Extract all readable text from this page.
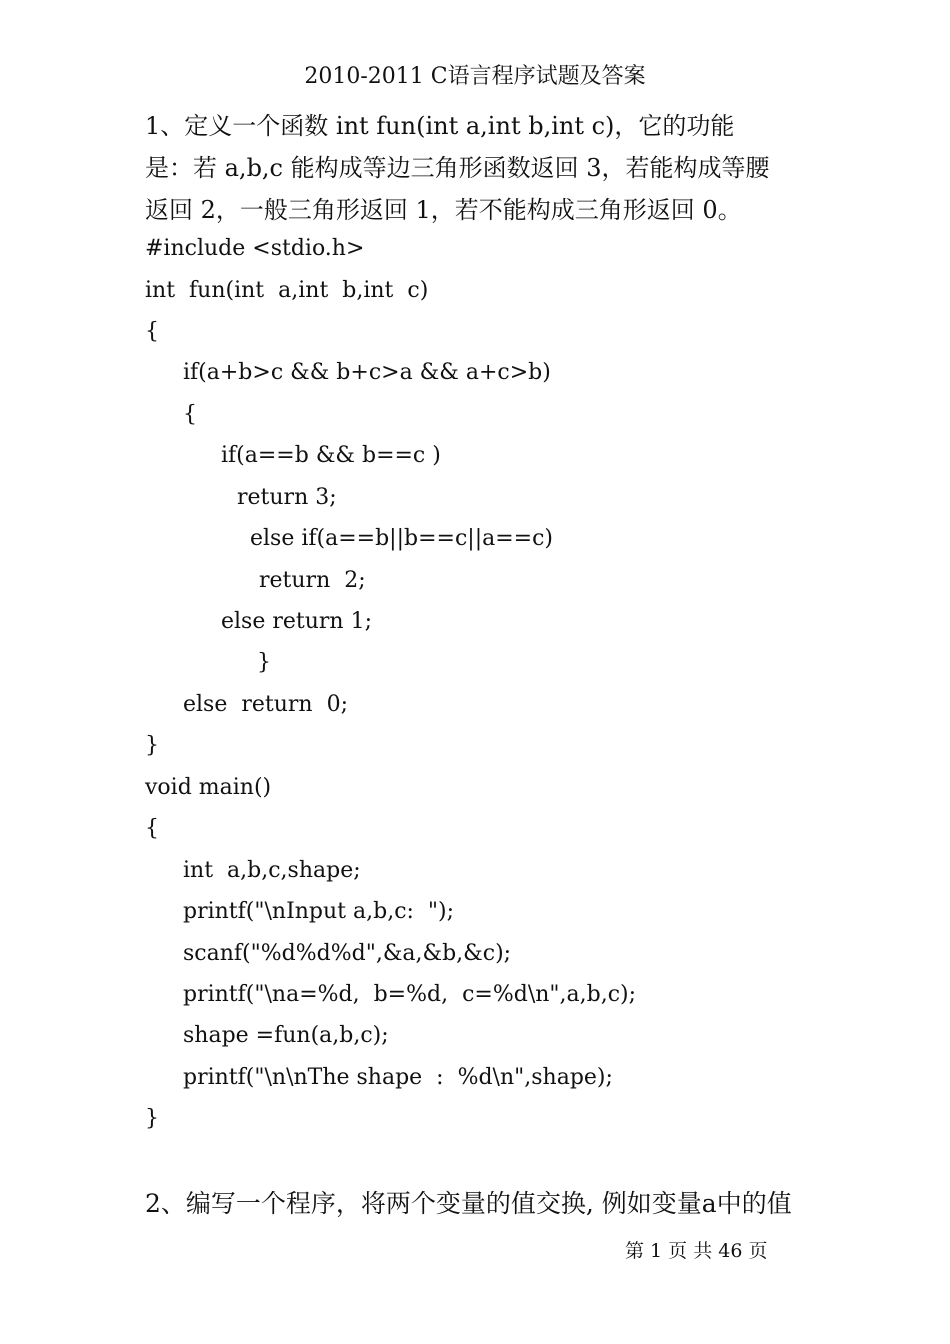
2010-2011 C语言程序试题及答案
1、定义一个函数 int fun(int a,int b,int c)，它的功能
是：若 a,b,c 能构成等边三角形函数返回 3，若能构成等腰
返回 2，一般三角形返回 1，若不能构成三角形返回 0。
#include <stdio.h>
int  fun(int  a,int  b,int  c)
{
if(a+b>c && b+c>a && a+c>b)
{
if(a==b && b==c )
return 3;
else if(a==b||b==c||a==c)
return  2;
else return 1;
}
else  return  0;
}
void main()
{
int  a,b,c,shape;
printf("\nInput a,b,c:  ");
scanf("%d%d%d",&a,&b,&c);
printf("\na=%d,  b=%d,  c=%d\n",a,b,c);
shape =fun(a,b,c);
printf("\n\nThe shape  :  %d\n",shape);
}
2、编写一个程序，将两个变量的值交换, 例如变量a中的值
第 1 页 共 46 页
